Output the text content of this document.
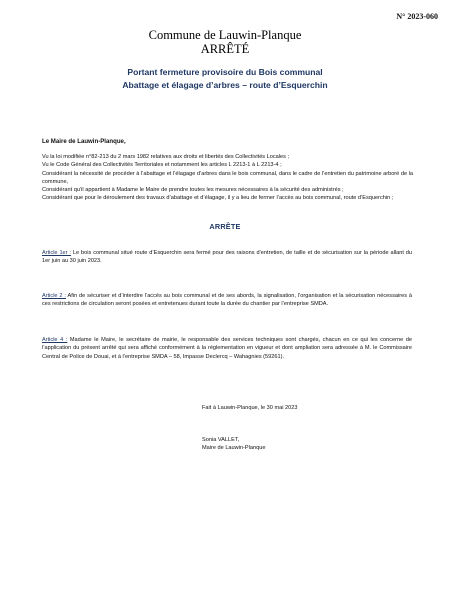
N° 2023-060
Commune de Lauwin-Planque
ARRÊTÉ
Portant fermeture provisoire du Bois communal
Abattage et élagage d’arbres – route d’Esquerchin
Le Maire de Lauwin-Planque,

Vu la loi modifiée n°82-213 du 2 mars 1982 relatives aux droits et libertés des Collectivités Locales ;

Vu le Code Général des Collectivités Territoriales et notamment les articles L 2213-1 à L 2213-4 ;

Considérant la nécessité de procéder à l’abattage et l’élagage d’arbres dans le bois communal, dans le cadre de l’entretien du patrimoine arboré de la commune,

Considérant qu’il appartient à Madame le Maire de prendre toutes les mesures nécessaires à la sécurité des administrés ;

Considérant que pour le déroulement des travaux d’abattage et d’élagage, il y a lieu de fermer l’accès au bois communal, route d’Esquerchin ;

ARRÊTE

Article 1er : Le bois communal situé route d’Esquerchin sera fermé pour des raisons d’entretien, de taille et de sécurisation sur la période allant du 1er juin au 30 juin 2023.

Article 2 : Afin de sécuriser et d’interdire l’accès au bois communal et de ses abords, la signalisation, l’organisation et la sécurisation nécessaires à ces restrictions de circulation seront posées et entretenues durant toute la durée du chantier par l’entreprise SMDA.

Article 4 : Madame le Maire, le secrétaire de mairie, le responsable des services techniques sont chargés, chacun en ce qui les concerne de l’application du présent arrêté qui sera affiché conformément à la réglementation en vigueur et dont ampliation sera adressée à M. le Commissaire Central de Police de Douai, et à l’entreprise SMDA – 58, Impasse Declercq – Wahagnies (59261).

Fait à Lauwin-Planque, le 30 mai 2023
Sonia VALLET,
Maire de Lauwin-Planque
